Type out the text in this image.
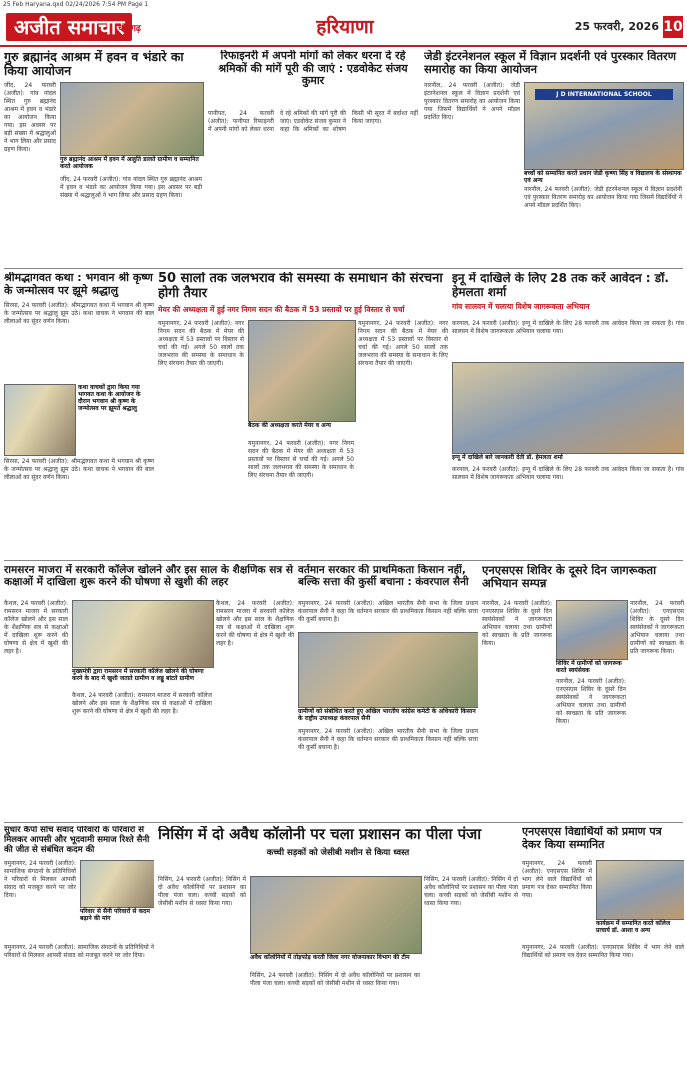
25 Feb Haryana.qxd 02/24/2026 7:54 PM Page 1
अजीत समाचार
चंडीगढ़	हरियाणा	25 फरवरी, 2026 10
गुरु ब्रह्मानंद आश्रम में हवन व भंडारे का किया आयोजन
जींद, 24 फरवरी (अजीत): गांव नांदल स्थित गुरु ब्रह्मानंद आश्रम में हवन व भंडारे का आयोजन किया गया। इस अवसर पर बड़ी संख्या में श्रद्धालुओं ने भाग लिया और प्रसाद ग्रहण किया।
गुरु ब्रह्मानंद आश्रम में हवन में आहुति डालते ग्रामीण व सम्मानित करते आयोजक
जींद, 24 फरवरी (अजीत): गांव नांदल स्थित गुरु ब्रह्मानंद आश्रम में हवन व भंडारे का आयोजन किया गया। इस अवसर पर बड़ी संख्या में श्रद्धालुओं ने भाग लिया और प्रसाद ग्रहण किया।
रिफाइनरी में अपनी मांगों को लेकर धरना दे रहे श्रमिकों की मांगें पूरी की जाएं : एडवोकेट संजय कुमार
पानीपत, 24 फरवरी (अजीत): पानीपत रिफाइनरी में अपनी मांगों को लेकर धरना दे रहे श्रमिकों की मांगें पूरी की जाएं। एडवोकेट संजय कुमार ने कहा कि श्रमिकों का शोषण किसी भी सूरत में बर्दाश्त नहीं किया जाएगा।
जेडी इंटरनेशनल स्कूल में विज्ञान प्रदर्शनी एवं पुरस्कार वितरण समारोह का किया आयोजन
नारनौल, 24 फरवरी (अजीत): जेडी इंटरनेशनल स्कूल में विज्ञान प्रदर्शनी एवं पुरस्कार वितरण समारोह का आयोजन किया गया जिसमें विद्यार्थियों ने अपने मॉडल प्रदर्शित किए।
J D INTERNATIONAL SCHOOL
बच्चों को सम्मानित करते प्रधान जेडी कृष्णा सिंह व विद्यालय के संस्थापक एवं अन्य
नारनौल, 24 फरवरी (अजीत): जेडी इंटरनेशनल स्कूल में विज्ञान प्रदर्शनी एवं पुरस्कार वितरण समारोह का आयोजन किया गया जिसमें विद्यार्थियों ने अपने मॉडल प्रदर्शित किए।
श्रीमद्भागवत कथा : भगवान श्री कृष्ण के जन्मोत्सव पर झूमे श्रद्धालु
सिरसा, 24 फरवरी (अजीत): श्रीमद्भागवत कथा में भगवान श्री कृष्ण के जन्मोत्सव पर श्रद्धालु झूम उठे। कथा वाचक ने भगवान की बाल लीलाओं का सुंदर वर्णन किया।
कथा वाचकों द्वारा किया गया भागवत कथा के आयोजन के दौरान भगवान श्री कृष्ण के जन्मोत्सव पर झूमते श्रद्धालु
सिरसा, 24 फरवरी (अजीत): श्रीमद्भागवत कथा में भगवान श्री कृष्ण के जन्मोत्सव पर श्रद्धालु झूम उठे। कथा वाचक ने भगवान की बाल लीलाओं का सुंदर वर्णन किया।
50 सालों तक जलभराव की समस्या के समाधान की संरचना होगी तैयार
मेयर की अध्यक्षता में हुई नगर निगम सदन की बैठक में 53 प्रस्तावों पर हुई विस्तार से चर्चा
यमुनानगर, 24 फरवरी (अजीत): नगर निगम सदन की बैठक में मेयर की अध्यक्षता में 53 प्रस्तावों पर विस्तार से चर्चा की गई। अगले 50 सालों तक जलभराव की समस्या के समाधान के लिए संरचना तैयार की जाएगी।
बैठक की अध्यक्षता करते मेयर व अन्य
यमुनानगर, 24 फरवरी (अजीत): नगर निगम सदन की बैठक में मेयर की अध्यक्षता में 53 प्रस्तावों पर विस्तार से चर्चा की गई। अगले 50 सालों तक जलभराव की समस्या के समाधान के लिए संरचना तैयार की जाएगी।
यमुनानगर, 24 फरवरी (अजीत): नगर निगम सदन की बैठक में मेयर की अध्यक्षता में 53 प्रस्तावों पर विस्तार से चर्चा की गई। अगले 50 सालों तक जलभराव की समस्या के समाधान के लिए संरचना तैयार की जाएगी।
इनू में दाखिले के लिए 28 तक करें आवेदन : डॉ. हेमलता शर्मा
गांव सालवन में चलाया विशेष जागरूकता अभियान
करनाल, 24 फरवरी (अजीत): इग्नू में दाखिले के लिए 28 फरवरी तक आवेदन किया जा सकता है। गांव सालवन में विशेष जागरूकता अभियान चलाया गया।
इग्नू में दाखिले बारे जानकारी देती डॉ. हेमलता शर्मा
करनाल, 24 फरवरी (अजीत): इग्नू में दाखिले के लिए 28 फरवरी तक आवेदन किया जा सकता है। गांव सालवन में विशेष जागरूकता अभियान चलाया गया।
रामसरन माजरा में सरकारी कॉलेज खोलने और इस साल के शैक्षणिक सत्र से कक्षाओं में दाखिला शुरू करने की घोषणा से खुशी की लहर
कैथल, 24 फरवरी (अजीत): रामसरन माजरा में सरकारी कॉलेज खोलने और इस साल के शैक्षणिक सत्र से कक्षाओं में दाखिला शुरू करने की घोषणा से क्षेत्र में खुशी की लहर है।
मुख्यमंत्री द्वारा रामसरन में सरकारी कॉलेज खोलने की घोषणा करने के बाद में खुशी जताते ग्रामीण व लड्डू बांटते ग्रामीण
कैथल, 24 फरवरी (अजीत): रामसरन माजरा में सरकारी कॉलेज खोलने और इस साल के शैक्षणिक सत्र से कक्षाओं में दाखिला शुरू करने की घोषणा से क्षेत्र में खुशी की लहर है।
कैथल, 24 फरवरी (अजीत): रामसरन माजरा में सरकारी कॉलेज खोलने और इस साल के शैक्षणिक सत्र से कक्षाओं में दाखिला शुरू करने की घोषणा से क्षेत्र में खुशी की लहर है।
वर्तमान सरकार की प्राथमिकता किसान नहीं, बल्कि सत्ता की कुर्सी बचाना : कंवरपाल सैनी
यमुनानगर, 24 फरवरी (अजीत): अखिल भारतीय सैनी सभा के जिला प्रधान कंवरपाल सैनी ने कहा कि वर्तमान सरकार की प्राथमिकता किसान नहीं बल्कि सत्ता की कुर्सी बचाना है।
ग्रामीणों को संबोधित करते हुए अखिल भारतीय कांग्रेस कमेटी के अधिकारी किसान के राष्ट्रीय उपाध्यक्ष कंवरपाल सैनी
यमुनानगर, 24 फरवरी (अजीत): अखिल भारतीय सैनी सभा के जिला प्रधान कंवरपाल सैनी ने कहा कि वर्तमान सरकार की प्राथमिकता किसान नहीं बल्कि सत्ता की कुर्सी बचाना है।
एनएसएस शिविर के दूसरे दिन जागरूकता अभियान सम्पन्न
नारनौल, 24 फरवरी (अजीत): एनएसएस शिविर के दूसरे दिन स्वयंसेवकों ने जागरूकता अभियान चलाया तथा ग्रामीणों को स्वच्छता के प्रति जागरूक किया।
शिविर में ग्रामीणों को जागरूक करते स्वयंसेवक
नारनौल, 24 फरवरी (अजीत): एनएसएस शिविर के दूसरे दिन स्वयंसेवकों ने जागरूकता अभियान चलाया तथा ग्रामीणों को स्वच्छता के प्रति जागरूक किया।
नारनौल, 24 फरवरी (अजीत): एनएसएस शिविर के दूसरे दिन स्वयंसेवकों ने जागरूकता अभियान चलाया तथा ग्रामीणों को स्वच्छता के प्रति जागरूक किया।
सुधार कैंपों सोच संवाद परिवारों के परिवारों से मिलकर आपसी और भूदवामी समाज रिश्ते सैनी की जीत से संबंधित कदम की
यमुनानगर, 24 फरवरी (अजीत): सामाजिक संगठनों के प्रतिनिधियों ने परिवारों से मिलकर आपसी संवाद को मजबूत करने पर जोर दिया।
परिवार से सैनी परिवारों से कदम बढ़ाने की मांग
यमुनानगर, 24 फरवरी (अजीत): सामाजिक संगठनों के प्रतिनिधियों ने परिवारों से मिलकर आपसी संवाद को मजबूत करने पर जोर दिया।
निसिंग में दो अवैध कॉलोनी पर चला प्रशासन का पीला पंजा
कच्ची सड़कों को जेसीबी मशीन से किया ध्वस्त
निसिंग, 24 फरवरी (अजीत): निसिंग में दो अवैध कॉलोनियों पर प्रशासन का पीला पंजा चला। कच्ची सड़कों को जेसीबी मशीन से ध्वस्त किया गया।
अवैध कॉलोनियों में तोड़फोड़ करती जिला नगर योजनाकार विभाग की टीम
निसिंग, 24 फरवरी (अजीत): निसिंग में दो अवैध कॉलोनियों पर प्रशासन का पीला पंजा चला। कच्ची सड़कों को जेसीबी मशीन से ध्वस्त किया गया।
निसिंग, 24 फरवरी (अजीत): निसिंग में दो अवैध कॉलोनियों पर प्रशासन का पीला पंजा चला। कच्ची सड़कों को जेसीबी मशीन से ध्वस्त किया गया।
एनएसएस विद्यार्थियों को प्रमाण पत्र देकर किया सम्मानित
यमुनानगर, 24 फरवरी (अजीत): एनएसएस शिविर में भाग लेने वाले विद्यार्थियों को प्रमाण पत्र देकर सम्मानित किया गया।
कार्यक्रम में सम्मानित करते कॉलेज प्राचार्य डॉ. आशा व अन्य
यमुनानगर, 24 फरवरी (अजीत): एनएसएस शिविर में भाग लेने वाले विद्यार्थियों को प्रमाण पत्र देकर सम्मानित किया गया।
